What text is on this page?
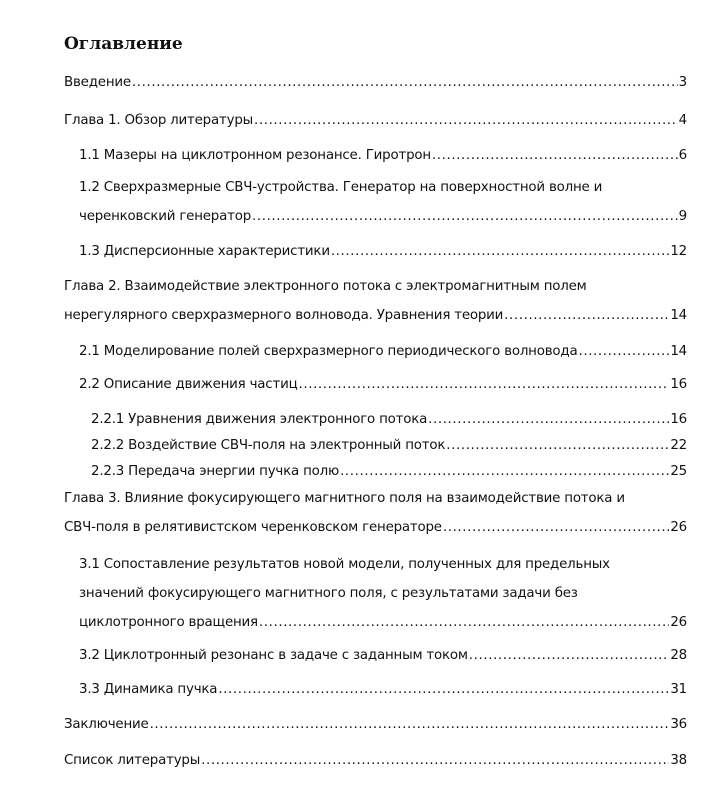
Оглавление
Введение .....	3
Глава 1. Обзор литературы .....	4
1.1 Мазеры на циклотронном резонансе. Гиротрон .....	6
1.2 Сверхразмерные СВЧ-устройства. Генератор на поверхностной волне и
черенковский генератор .....	9
1.3 Дисперсионные характеристики .....	12
Глава 2. Взаимодействие электронного потока с электромагнитным полем
нерегулярного сверхразмерного волновода. Уравнения теории .....	14
2.1 Моделирование полей сверхразмерного периодического волновода .....	14
2.2 Описание движения частиц .....	16
2.2.1 Уравнения движения электронного потока .....	16
2.2.2 Воздействие СВЧ-поля на электронный поток .....	22
2.2.3 Передача энергии пучка полю .....	25
Глава 3. Влияние фокусирующего магнитного поля на взаимодействие потока и
СВЧ-поля в релятивистском черенковском генераторе .....	26
3.1 Сопоставление результатов новой модели, полученных для предельных
значений фокусирующего магнитного поля, с результатами задачи без
циклотронного вращения .....	26
3.2 Циклотронный резонанс в задаче с заданным током .....	28
3.3 Динамика пучка .....	31
Заключение .....	36
Список литературы .....	38
